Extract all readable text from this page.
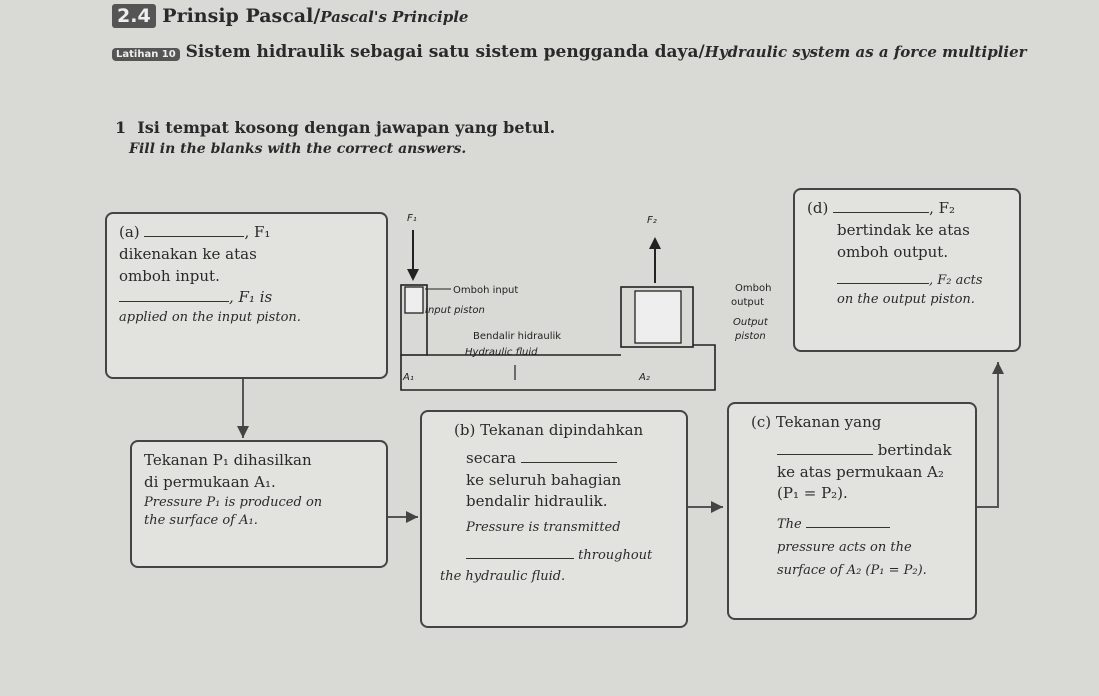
2.4 Prinsip Pascal/Pascal's Principle
Latihan 10 Sistem hidraulik sebagai satu sistem pengganda daya/Hydraulic system as a force multiplier
1 Isi tempat kosong dengan jawapan yang betul.
Fill in the blanks with the correct answers.
(a)	, F₁
dikenakan ke atas
omboh input.
, F₁ is
applied on the input piston.
F₁	F₂
Omboh input
Input piston
Bendalir hidraulik
Hydraulic fluid
Omboh
output
Output
piston
A₁	A₂
(d)	, F₂
bertindak ke atas
omboh output.
, F₂ acts
on the output piston.
Tekanan P₁ dihasilkan
di permukaan A₁.
Pressure P₁ is produced on
the surface of A₁.
(b) Tekanan dipindahkan
secara
ke seluruh bahagian
bendalir hidraulik.
Pressure is transmitted
throughout
the hydraulic fluid.
(c) Tekanan yang
bertindak
ke atas permukaan A₂
(P₁ = P₂).
The
pressure acts on the
surface of A₂ (P₁ = P₂).
